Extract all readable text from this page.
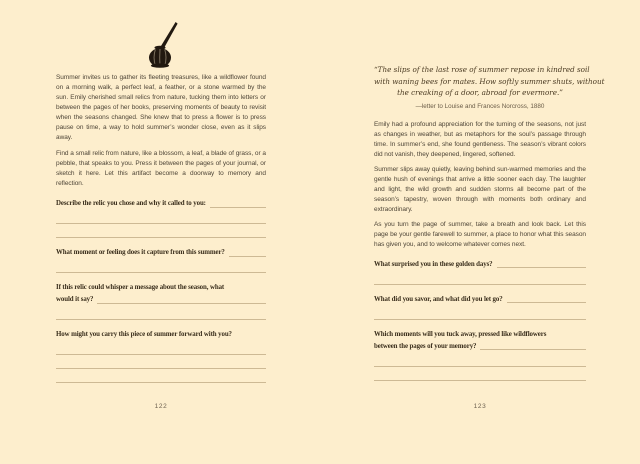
Summer invites us to gather its fleeting treasures, like a wildflower found on a morning walk, a perfect leaf, a feather, or a stone warmed by the sun. Emily cherished small relics from nature, tucking them into letters or between the pages of her books, preserving moments of beauty to revisit when the seasons changed. She knew that to press a flower is to press pause on time, a way to hold summer’s wonder close, even as it slips away.

Find a small relic from nature, like a blossom, a leaf, a blade of grass, or a pebble, that speaks to you. Press it between the pages of your journal, or sketch it here. Let this artifact become a doorway to memory and reflection.

Describe the relic you chose and why it called to you:
What moment or feeling does it capture from this summer?
If this relic could whisper a message about the season, what
would it say?
How might you carry this piece of summer forward with you?
122
“The slips of the last rose of summer repose in kindred soil
with waning bees for mates. How softly summer shuts, without
the creaking of a door, abroad for evermore.”
—letter to Louise and Frances Norcross, 1880

Emily had a profound appreciation for the turning of the seasons, not just as changes in weather, but as metaphors for the soul’s passage through time. In summer’s end, she found gentleness. The season’s vibrant colors did not vanish, they deepened, lingered, softened.

Summer slips away quietly, leaving behind sun-warmed memories and the gentle hush of evenings that arrive a little sooner each day. The laughter and light, the wild growth and sudden storms all become part of the season’s tapestry, woven through with moments both ordinary and extraordinary.

As you turn the page of summer, take a breath and look back. Let this page be your gentle farewell to summer, a place to honor what this season has given you, and to welcome whatever comes next.

What surprised you in these golden days?
What did you savor, and what did you let go?
Which moments will you tuck away, pressed like wildflowers
between the pages of your memory?
123
